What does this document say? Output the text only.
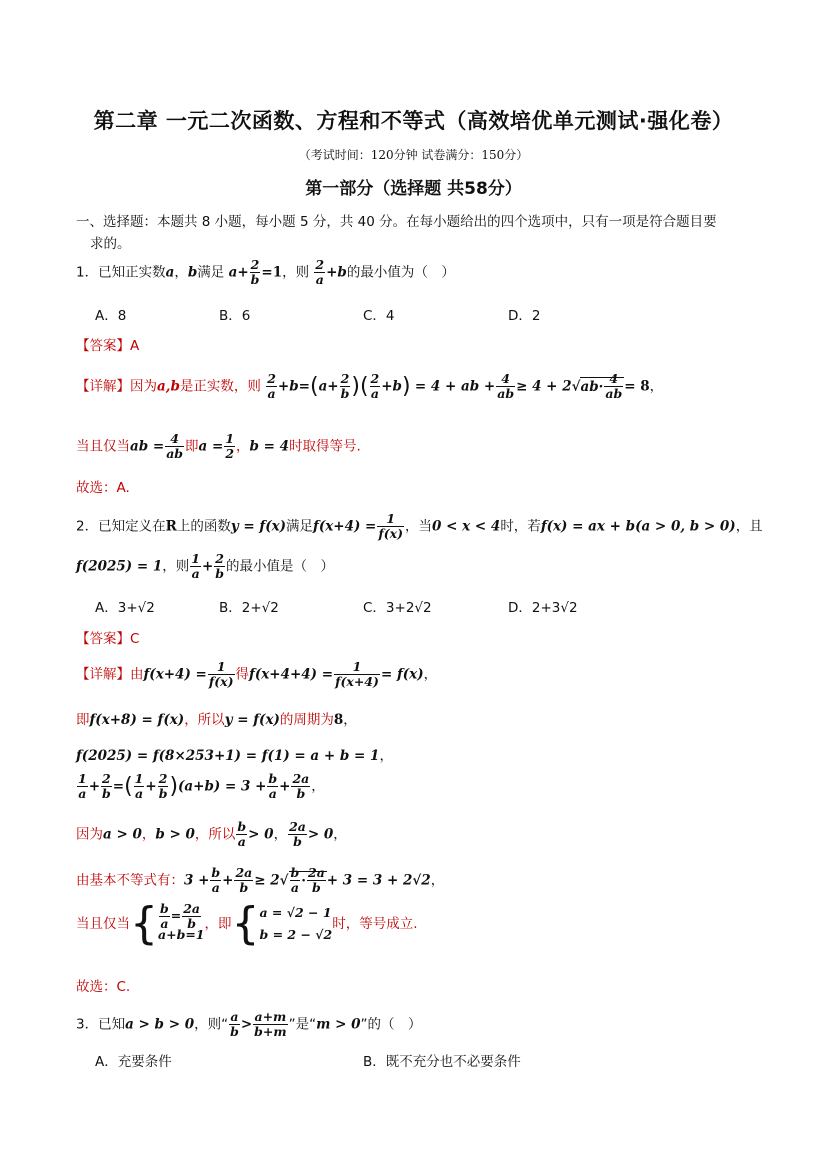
第二章 一元二次函数、方程和不等式（高效培优单元测试·强化卷）
（考试时间：120分钟 试卷满分：150分）
第一部分（选择题 共58分）
一、选择题：本题共 8 小题，每小题 5 分，共 40 分。在每小题给出的四个选项中，只有一项是符合题目要
求的。
1．已知正实数a，b满足 $a+ \frac{2}{b} =1$，则 $\frac{2}{a} +b$的最小值为（　）
A．8	B．6	C．4	D．2
【答案】A
【详解】因为a,b是正实数，则 $\frac{2}{a} +b=(a+ \frac{2}{b}$ )( $\frac{2}{a} +b) = 4$ + ab + $\frac{4}{ab} \ge 4 + 2√ab\cdot \frac{4}{ab} = 8$，
当且仅当ab = $\frac{4}{ab}$ 即$a = \frac{1}{2}$ ，b = 4时取得等号.
故选：A.
2．已知定义在R上的函数y = f(x)满足$f(x+4) = \frac{1}{f(x)}$ ，当0 < x < 4时，若f(x) = ax + b(a > 0, b > 0)，且
f(2025) = 1，则 $\frac{1}{a} + \frac{2}{b}$ 的最小值是（　）
A．3+√2	B．2+√2	C．3+2√2	D．2+3√2
【答案】C
【详解】由$f(x+4) = \frac{1}{f(x)}$ 得$f(x+4+4) = \frac{1}{f(x+4)} = f(x)$，
即f(x+8) = f(x)，所以y = f(x)的周期为8，
f(2025) = f(8×253+1) = f(1) = a + b = 1，
$\frac{1}{a} + \frac{2}{b}$ =( $\frac{1}{a} + \frac{2}{b} )(a+b) = 3 + \frac{b}{a} + \frac{2a}{b}$ ，
因为a > 0，b > 0，所以 $\frac{b}{a} > 0$， $\frac{2a}{b} > 0$，
由基本不等式有：$3 + \frac{b}{a} + \frac{2a}{b} \ge 2√ \frac{b}{a} \cdot \frac{2a}{b} + 3 = 3 + 2√2$，
当且仅当{ $\frac{b}{a} = \frac{2a}{b}$
a+b=1
，即{ a = √2 − 1
b = 2 − √2
时，等号成立.
故选：C.
3．已知a > b > 0，则“ $\frac{a}{b} > \frac{a+m}{b+m}$ ”是“m > 0”的（　）
A．充要条件	B．既不充分也不必要条件
